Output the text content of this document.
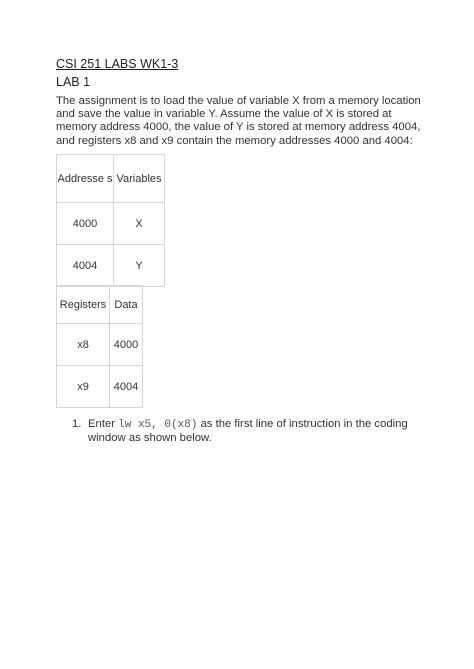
CSI 251 LABS WK1-3
LAB 1
The assignment is to load the value of variable X from a memory location and save the value in variable Y. Assume the value of X is stored at memory address 4000, the value of Y is stored at memory address 4004, and registers x8 and x9 contain the memory addresses 4000 and 4004:
Addresse s	Variables
4000	X
4004	Y
Registers	Data
x8	4000
x9	4004
1. Enter lw x5, 0(x8) as the first line of instruction in the coding window as shown below.
